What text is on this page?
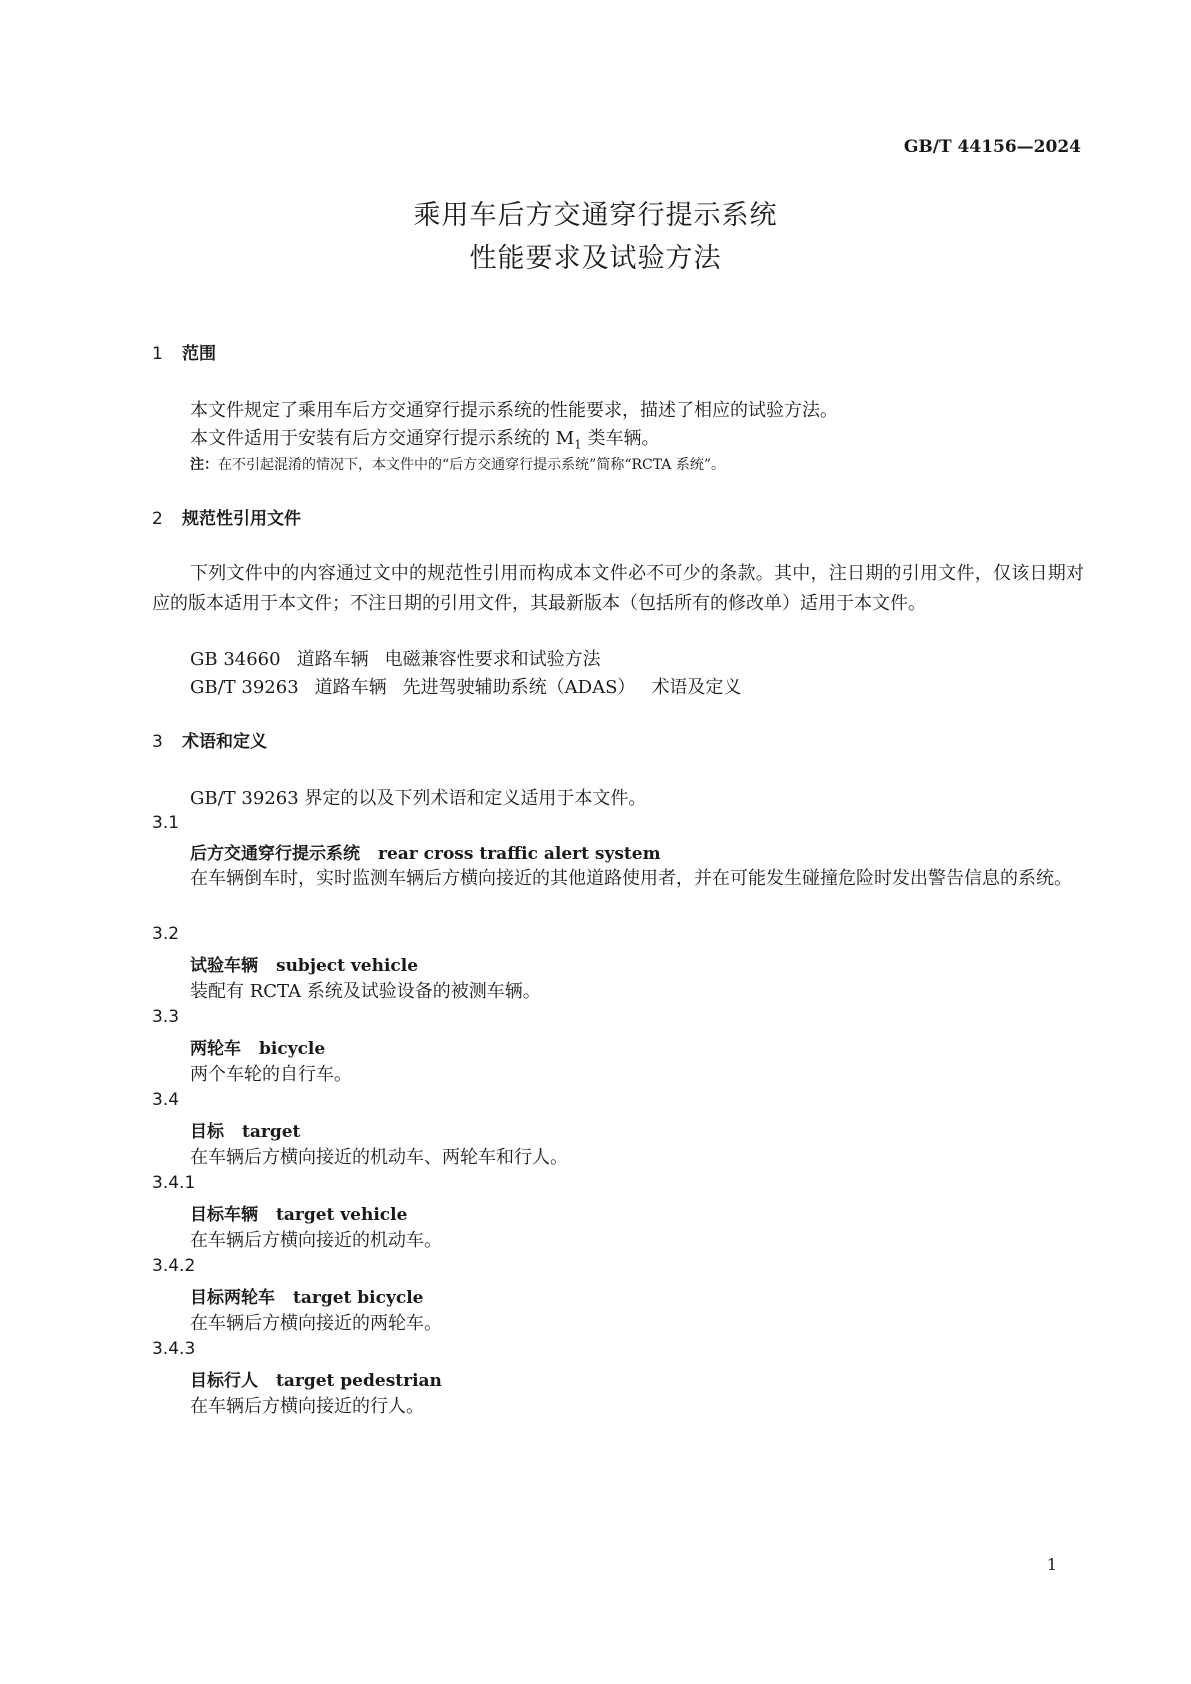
GB/T 44156—2024
乘用车后方交通穿行提示系统
性能要求及试验方法
1 范围
本文件规定了乘用车后方交通穿行提示系统的性能要求，描述了相应的试验方法。
本文件适用于安装有后方交通穿行提示系统的 $M_1$ 类车辆。
注：在不引起混淆的情况下，本文件中的“后方交通穿行提示系统”简称“RCTA 系统”。
2 规范性引用文件
下列文件中的内容通过文中的规范性引用而构成本文件必不可少的条款。其中，注日期的引用文件，仅该日期对应的版本适用于本文件；不注日期的引用文件，其最新版本（包括所有的修改单）适用于本文件。
GB 34660 道路车辆 电磁兼容性要求和试验方法
GB/T 39263 道路车辆 先进驾驶辅助系统（ADAS） 术语及定义
3 术语和定义
GB/T 39263 界定的以及下列术语和定义适用于本文件。
3.1
后方交通穿行提示系统 rear cross traffic alert system
在车辆倒车时，实时监测车辆后方横向接近的其他道路使用者，并在可能发生碰撞危险时发出警告信息的系统。
3.2
试验车辆 subject vehicle
装配有 RCTA 系统及试验设备的被测车辆。
3.3
两轮车 bicycle
两个车轮的自行车。
3.4
目标 target
在车辆后方横向接近的机动车、两轮车和行人。
3.4.1
目标车辆 target vehicle
在车辆后方横向接近的机动车。
3.4.2
目标两轮车 target bicycle
在车辆后方横向接近的两轮车。
3.4.3
目标行人 target pedestrian
在车辆后方横向接近的行人。
1
